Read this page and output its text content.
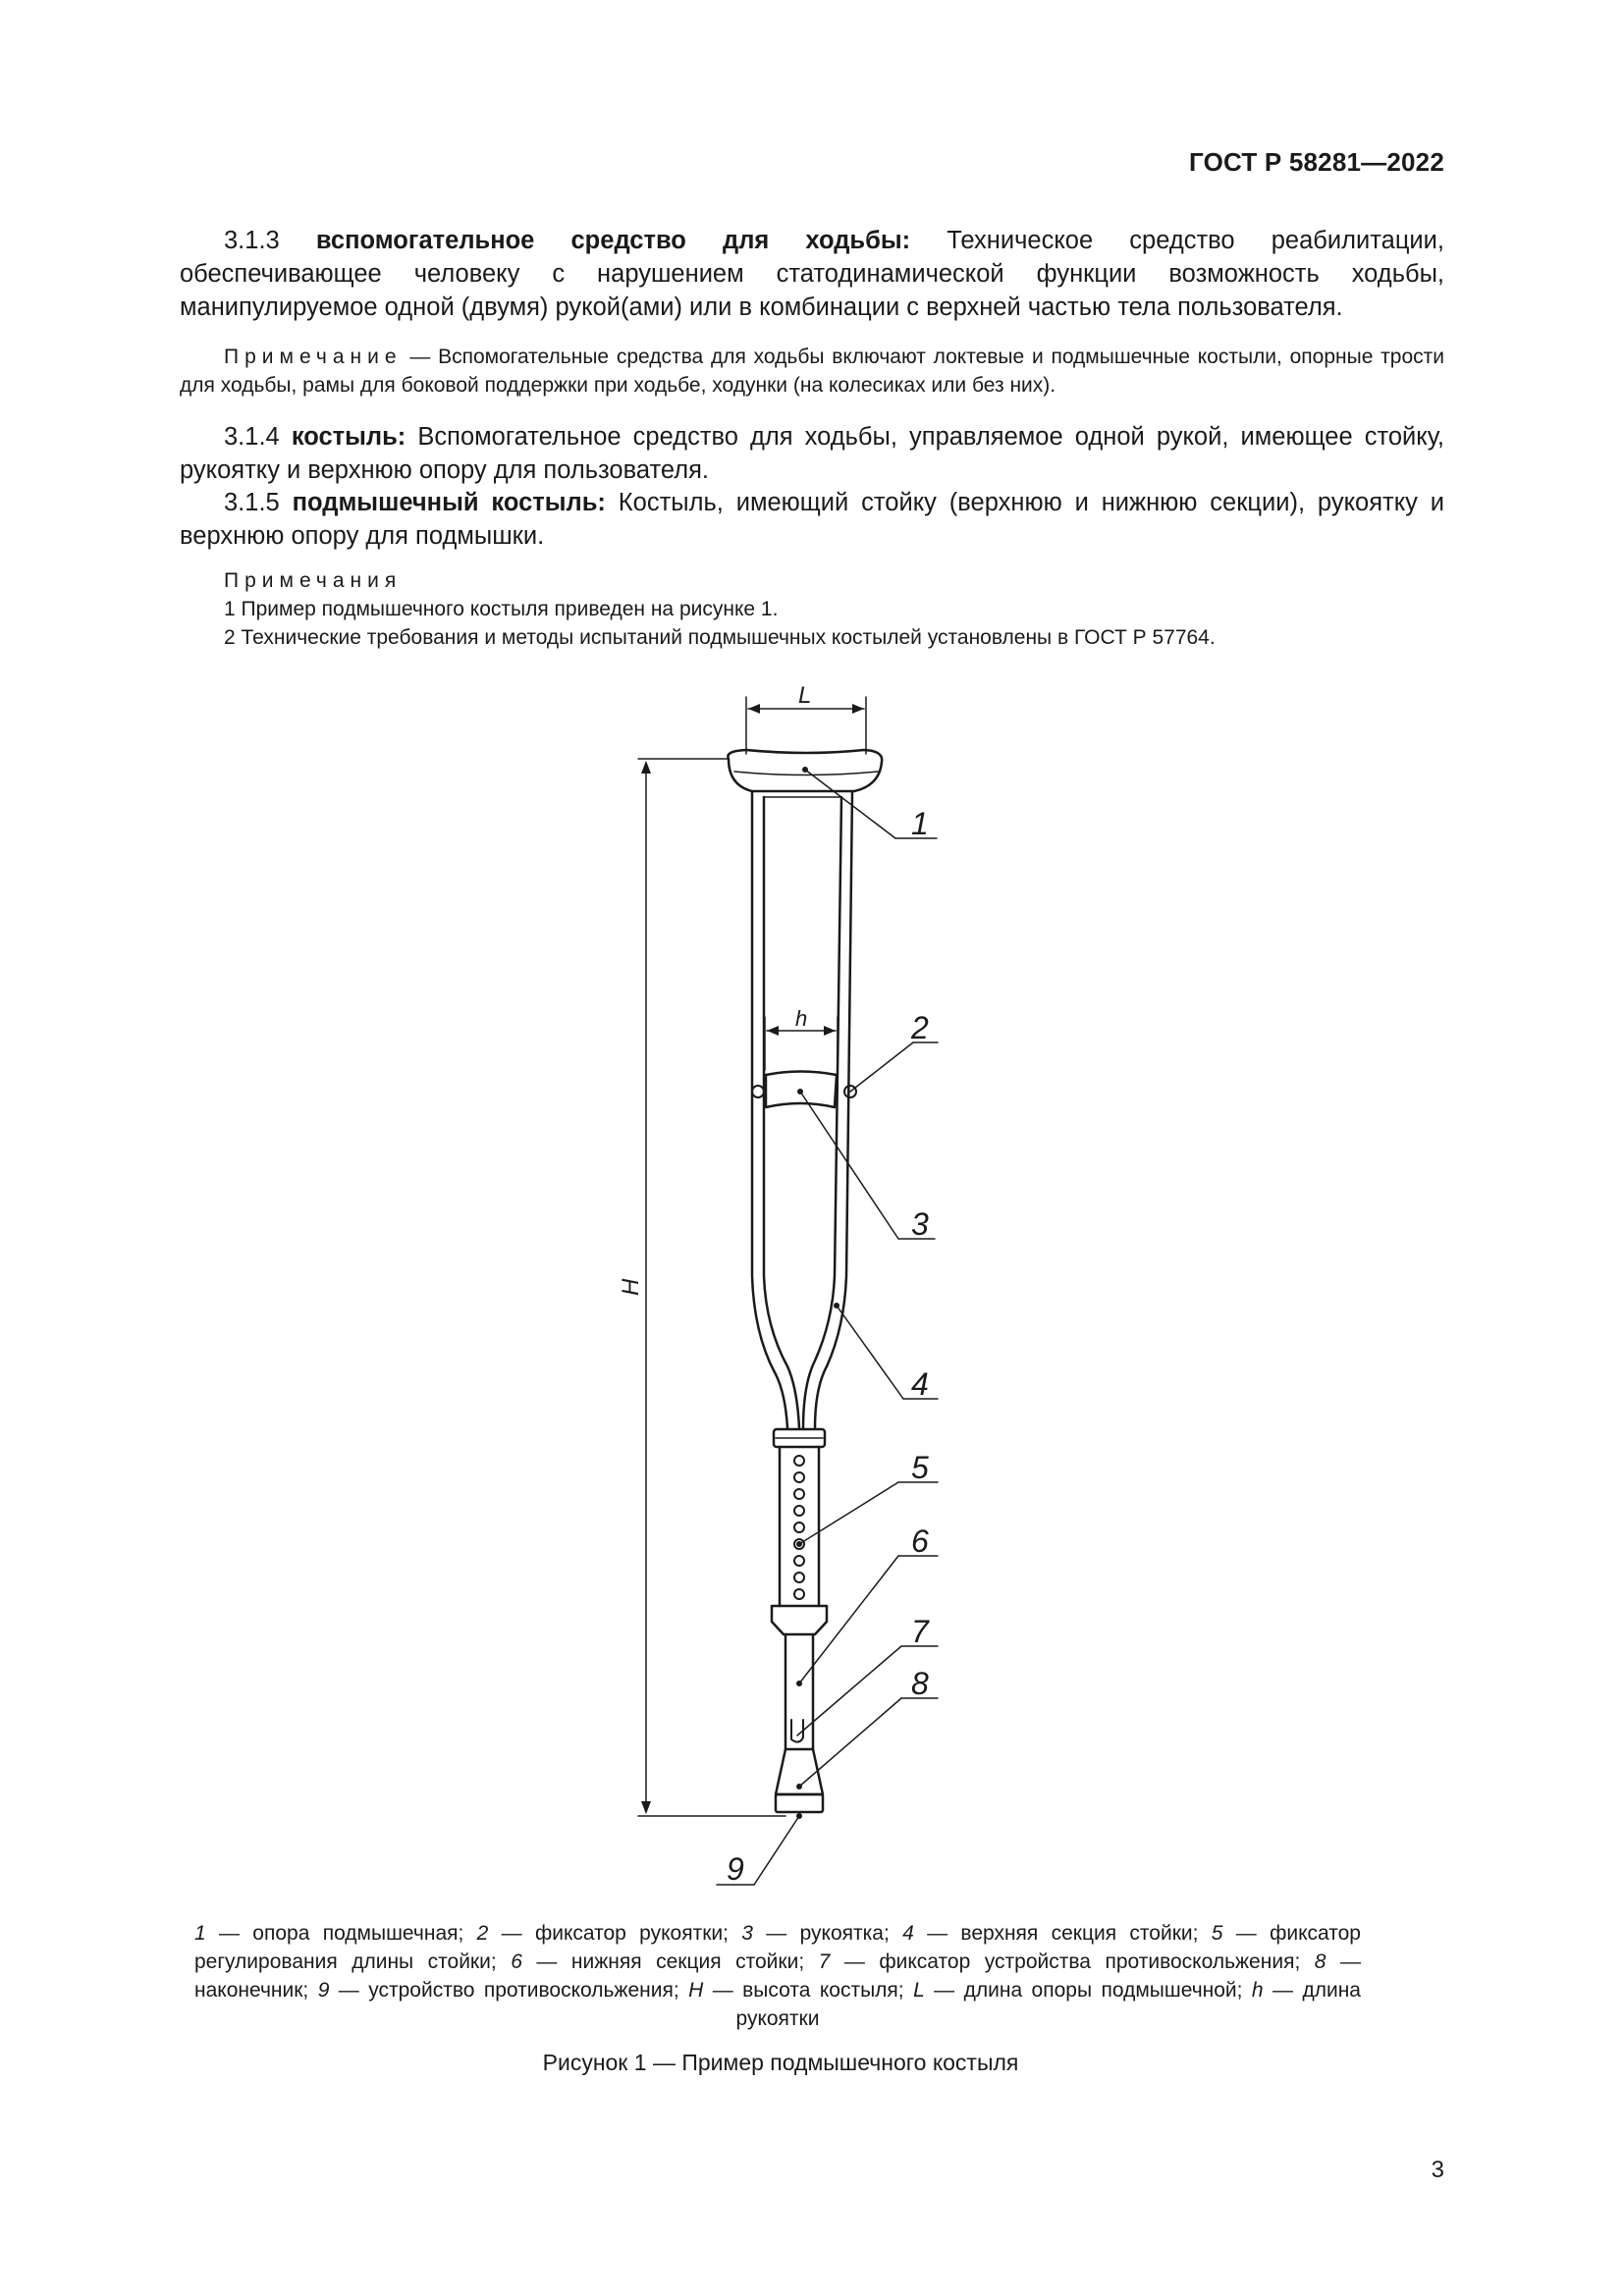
ГОСТ Р 58281—2022

3.1.3 вспомогательное средство для ходьбы: Техническое средство реабилитации, обеспечивающее человеку с нарушением статодинамической функции возможность ходьбы, манипулируемое одной (двумя) рукой(ами) или в комбинации с верхней частью тела пользователя.

Примечание — Вспомогательные средства для ходьбы включают локтевые и подмышечные костыли, опорные трости для ходьбы, рамы для боковой поддержки при ходьбе, ходунки (на колесиках или без них).

3.1.4 костыль: Вспомогательное средство для ходьбы, управляемое одной рукой, имеющее стойку, рукоятку и верхнюю опору для пользователя.

3.1.5 подмышечный костыль: Костыль, имеющий стойку (верхнюю и нижнюю секции), рукоятку и верхнюю опору для подмышки.

Примечания

1 Пример подмышечного костыля приведен на рисунке 1.

2 Технические требования и методы испытаний подмышечных костылей установлены в ГОСТ Р 57764.

L
H
h
1
2
3
4
5
6
7
8
9
1 — опора подмышечная; 2 — фиксатор рукоятки; 3 — рукоятка; 4 — верхняя секция стойки; 5 — фиксатор регулирования длины стойки; 6 — нижняя секция стойки; 7 — фиксатор устройства противоскольжения; 8 — наконечник; 9 — устройство противоскольжения; H — высота костыля; L — длина опоры подмышечной; h — длина рукоятки
Рисунок 1 — Пример подмышечного костыля
3
